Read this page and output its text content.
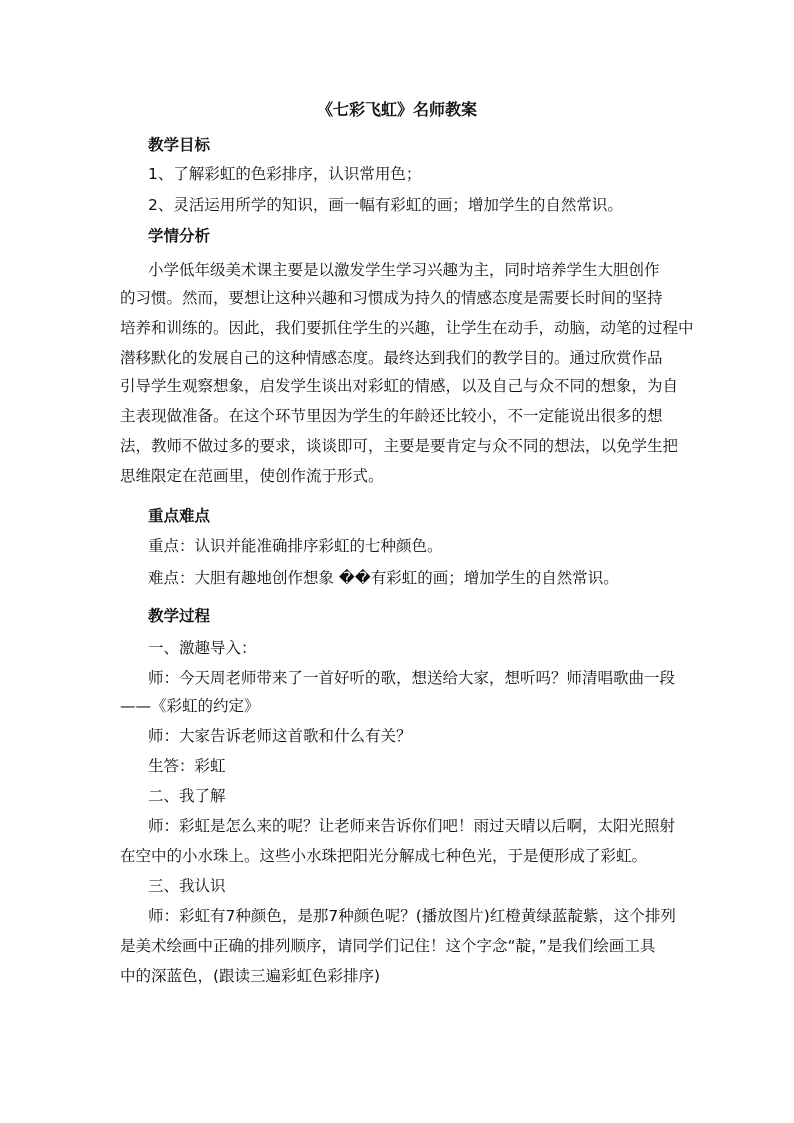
《七彩飞虹》名师教案
教学目标
1、了解彩虹的色彩排序，认识常用色；
2、灵活运用所学的知识，画一幅有彩虹的画；增加学生的自然常识。
学情分析
小学低年级美术课主要是以激发学生学习兴趣为主，同时培养学生大胆创作
的习惯。然而，要想让这种兴趣和习惯成为持久的情感态度是需要长时间的坚持
培养和训练的。因此，我们要抓住学生的兴趣，让学生在动手，动脑，动笔的过程中
潜移默化的发展自己的这种情感态度。最终达到我们的教学目的。通过欣赏作品
引导学生观察想象，启发学生谈出对彩虹的情感，以及自己与众不同的想象，为自
主表现做准备。在这个环节里因为学生的年龄还比较小，不一定能说出很多的想
法，教师不做过多的要求，谈谈即可，主要是要肯定与众不同的想法，以免学生把
思维限定在范画里，使创作流于形式。
重点难点
重点：认识并能准确排序彩虹的七种颜色。
难点：大胆有趣地创作想象 ��有彩虹的画；增加学生的自然常识。
教学过程
一、激趣导入：
师：今天周老师带来了一首好听的歌，想送给大家，想听吗？师清唱歌曲一段
——《彩虹的约定》
师：大家告诉老师这首歌和什么有关？
生答：彩虹
二、我了解
师：彩虹是怎么来的呢？让老师来告诉你们吧！雨过天晴以后啊，太阳光照射
在空中的小水珠上。这些小水珠把阳光分解成七种色光，于是便形成了彩虹。
三、我认识
师：彩虹有7种颜色，是那7种颜色呢？(播放图片)红橙黄绿蓝靛紫，这个排列
是美术绘画中正确的排列顺序，请同学们记住！这个字念“靛，”是我们绘画工具
中的深蓝色，(跟读三遍彩虹色彩排序)
